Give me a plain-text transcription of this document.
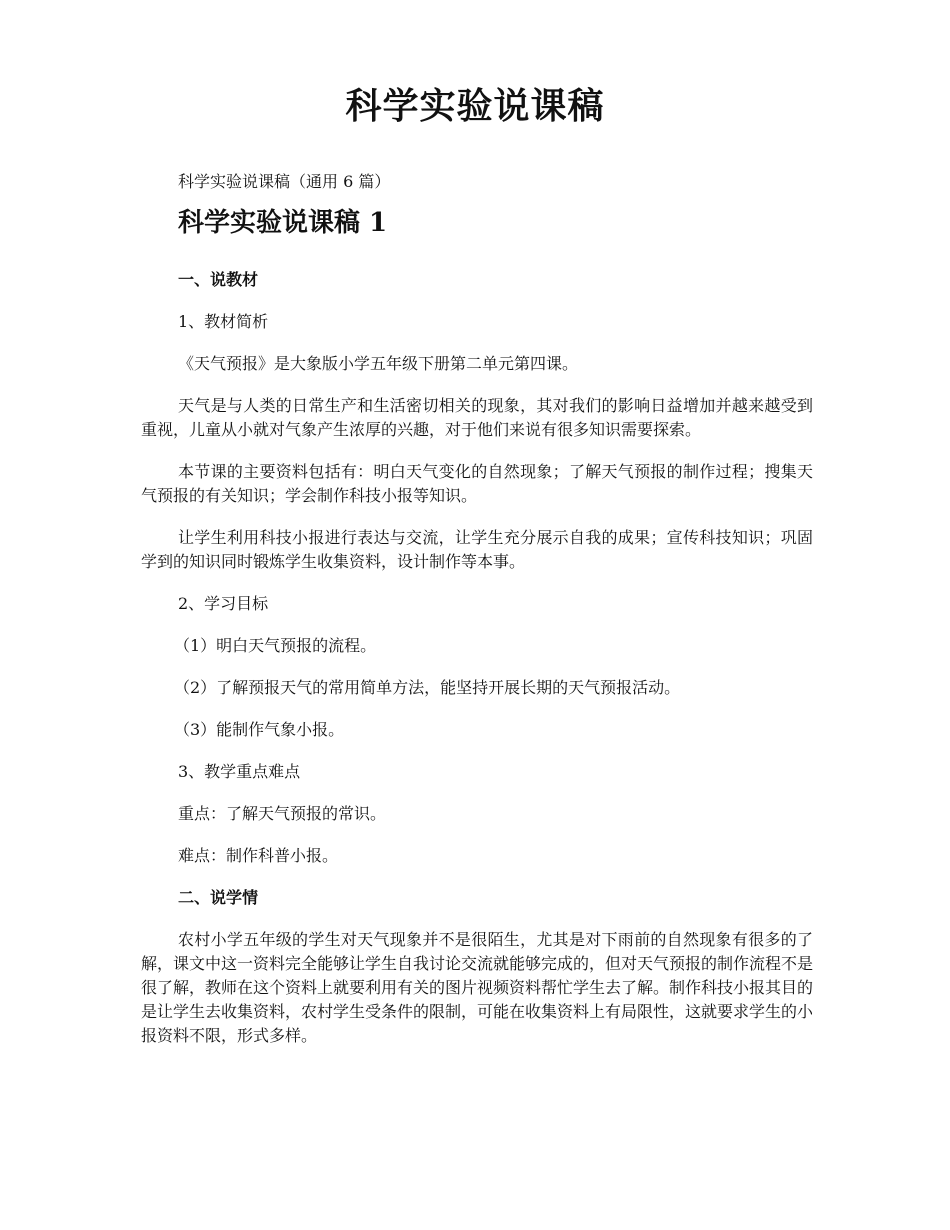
科学实验说课稿

科学实验说课稿（通用 6 篇）

科学实验说课稿 1

一、说教材

1、教材简析

《天气预报》是大象版小学五年级下册第二单元第四课。

天气是与人类的日常生产和生活密切相关的现象，其对我们的影响日益增加并越来越受到重视，儿童从小就对气象产生浓厚的兴趣，对于他们来说有很多知识需要探索。

本节课的主要资料包括有：明白天气变化的自然现象；了解天气预报的制作过程；搜集天气预报的有关知识；学会制作科技小报等知识。

让学生利用科技小报进行表达与交流，让学生充分展示自我的成果；宣传科技知识；巩固学到的知识同时锻炼学生收集资料，设计制作等本事。

2、学习目标

（1）明白天气预报的流程。

（2）了解预报天气的常用简单方法，能坚持开展长期的天气预报活动。

（3）能制作气象小报。

3、教学重点难点

重点：了解天气预报的常识。

难点：制作科普小报。

二、说学情

农村小学五年级的学生对天气现象并不是很陌生，尤其是对下雨前的自然现象有很多的了解，课文中这一资料完全能够让学生自我讨论交流就能够完成的，但对天气预报的制作流程不是很了解，教师在这个资料上就要利用有关的图片视频资料帮忙学生去了解。制作科技小报其目的是让学生去收集资料，农村学生受条件的限制，可能在收集资料上有局限性，这就要求学生的小报资料不限，形式多样。
